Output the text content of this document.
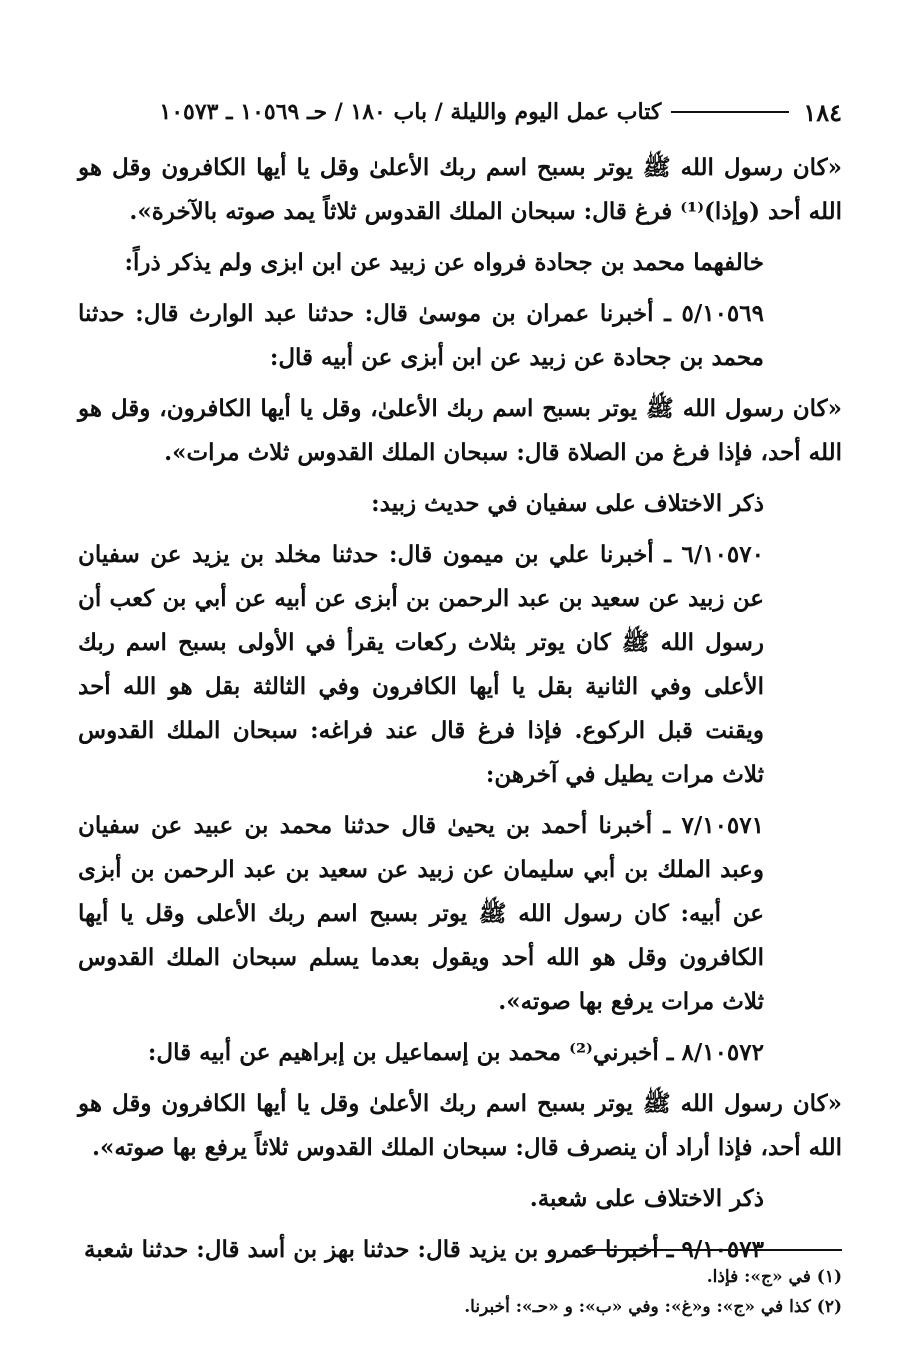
١٨٤
كتاب عمل اليوم والليلة / باب ١٨٠ / حـ ١٠٥٦٩ ـ ١٠٥٧٣

«كان رسول الله ﷺ يوتر بسبح اسم ربك الأعلىٰ وقل يا أيها الكافرون وقل هو الله أحد (وإذا)⁽¹⁾ فرغ قال: سبحان الملك القدوس ثلاثاً يمد صوته بالآخرة».

خالفهما محمد بن جحادة فرواه عن زبيد عن ابن ابزى ولم يذكر ذراً:

٥/١٠٥٦٩ ـ أخبرنا عمران بن موسىٰ قال: حدثنا عبد الوارث قال: حدثنا محمد بن جحادة عن زبيد عن ابن أبزى عن أبيه قال:

«كان رسول الله ﷺ يوتر بسبح اسم ربك الأعلىٰ، وقل يا أيها الكافرون، وقل هو الله أحد، فإذا فرغ من الصلاة قال: سبحان الملك القدوس ثلاث مرات».

ذكر الاختلاف على سفيان في حديث زبيد:

٦/١٠٥٧٠ ـ أخبرنا علي بن ميمون قال: حدثنا مخلد بن يزيد عن سفيان عن زبيد عن سعيد بن عبد الرحمن بن أبزى عن أبيه عن أبي بن كعب أن رسول الله ﷺ كان يوتر بثلاث ركعات يقرأ في الأولى بسبح اسم ربك الأعلى وفي الثانية بقل يا أيها الكافرون وفي الثالثة بقل هو الله أحد ويقنت قبل الركوع. فإذا فرغ قال عند فراغه: سبحان الملك القدوس ثلاث مرات يطيل في آخرهن:

٧/١٠٥٧١ ـ أخبرنا أحمد بن يحيىٰ قال حدثنا محمد بن عبيد عن سفيان وعبد الملك بن أبي سليمان عن زبيد عن سعيد بن عبد الرحمن بن أبزى عن أبيه: كان رسول الله ﷺ يوتر بسبح اسم ربك الأعلى وقل يا أيها الكافرون وقل هو الله أحد ويقول بعدما يسلم سبحان الملك القدوس ثلاث مرات يرفع بها صوته».

٨/١٠٥٧٢ ـ أخبرني⁽²⁾ محمد بن إسماعيل بن إبراهيم عن أبيه قال:

«كان رسول الله ﷺ يوتر بسبح اسم ربك الأعلىٰ وقل يا أيها الكافرون وقل هو الله أحد، فإذا أراد أن ينصرف قال: سبحان الملك القدوس ثلاثاً يرفع بها صوته».

ذكر الاختلاف على شعبة.

٩/١٠٥٧٣ ـ أخبرنا عمرو بن يزيد قال: حدثنا بهز بن أسد قال: حدثنا شعبة

(١) في «ج»: فإذا.
(٢) كذا في «ج»: و«غ»: وفي «ب»: و «حـ»: أخبرنا.
